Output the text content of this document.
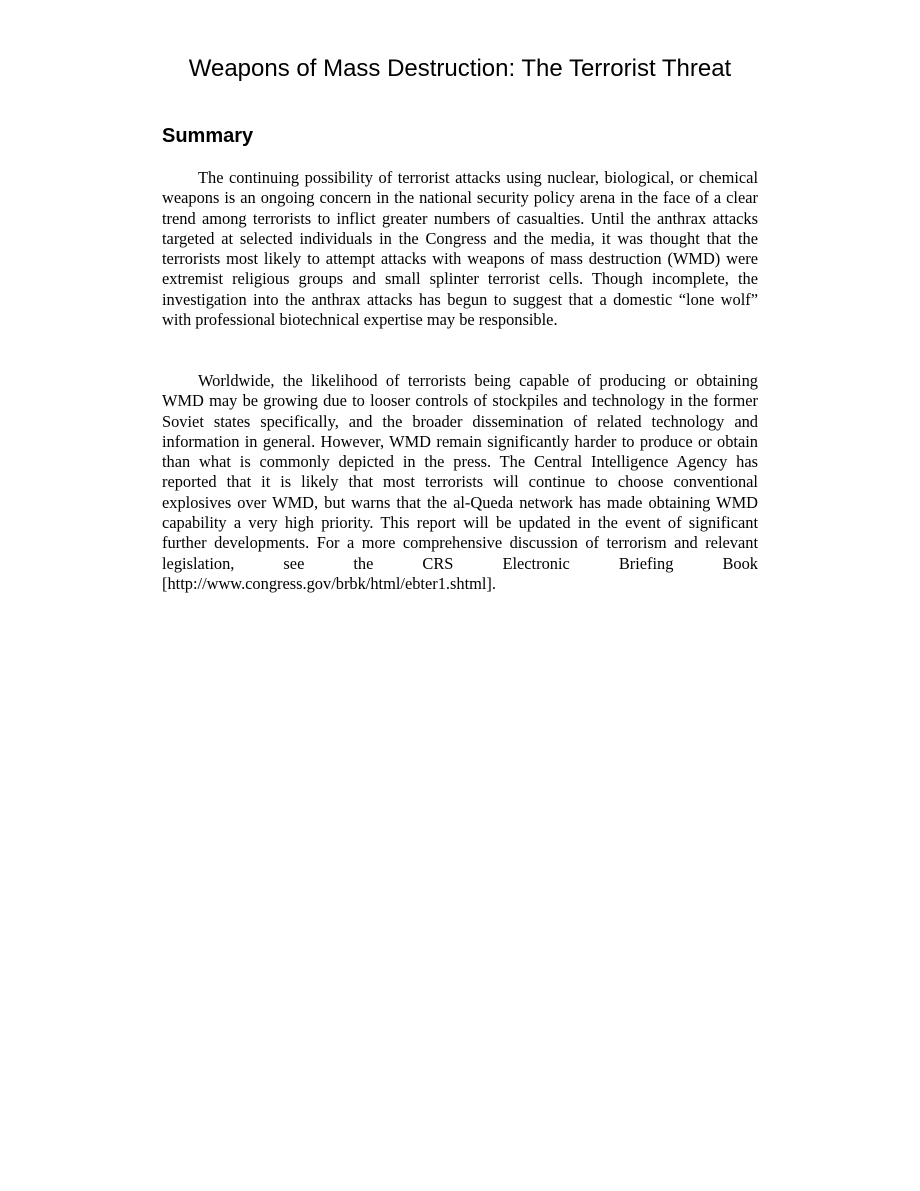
Weapons of Mass Destruction: The Terrorist Threat
Summary

The continuing possibility of terrorist attacks using nuclear, biological, or chemical weapons is an ongoing concern in the national security policy arena in the face of a clear trend among terrorists to inflict greater numbers of casualties. Until the anthrax attacks targeted at selected individuals in the Congress and the media, it was thought that the terrorists most likely to attempt attacks with weapons of mass destruction (WMD) were extremist religious groups and small splinter terrorist cells. Though incomplete, the investigation into the anthrax attacks has begun to suggest that a domestic “lone wolf” with professional biotechnical expertise may be responsible.

Worldwide, the likelihood of terrorists being capable of producing or obtaining WMD may be growing due to looser controls of stockpiles and technology in the former Soviet states specifically, and the broader dissemination of related technology and information in general. However, WMD remain significantly harder to produce or obtain than what is commonly depicted in the press. The Central Intelligence Agency has reported that it is likely that most terrorists will continue to choose conventional explosives over WMD, but warns that the al-Queda network has made obtaining WMD capability a very high priority. This report will be updated in the event of significant further developments. For a more comprehensive discussion of terrorism and relevant legislation, see the CRS Electronic Briefing Book [http://www.congress.gov/brbk/html/ebter1.shtml].
